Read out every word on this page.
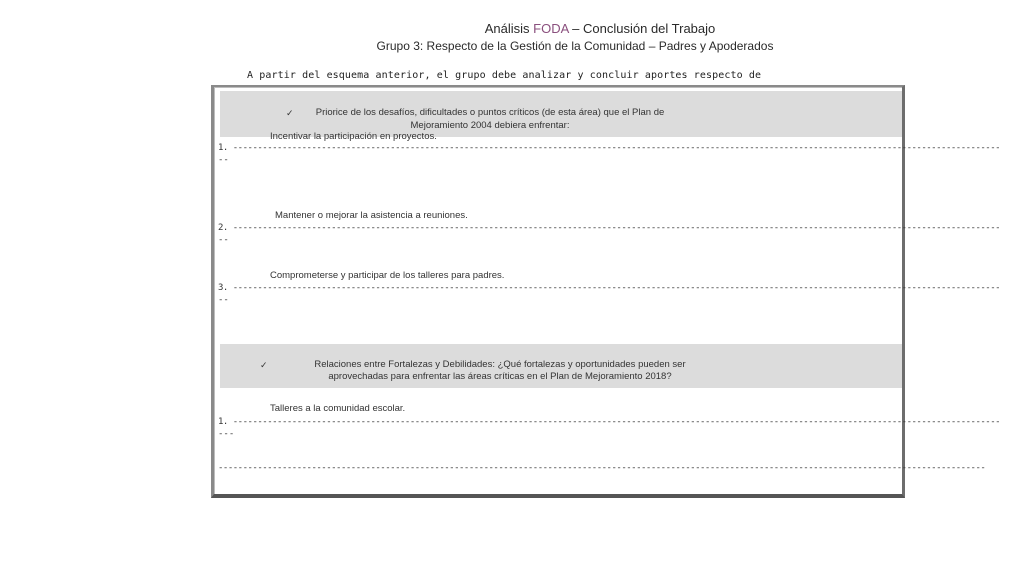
Análisis FODA – Conclusión del Trabajo
Grupo 3: Respecto de la Gestión de la Comunidad – Padres y Apoderados
A partir del esquema anterior, el grupo debe analizar y concluir aportes respecto de
✓	Priorice de los desafíos, dificultades o puntos críticos (de esta área) que el Plan de
Mejoramiento 2004 debiera enfrentar:
Incentivar la participación en proyectos.
1. ------------------------------------------------------------------------------------------------------------------------------------------------------------
--
Mantener o mejorar la asistencia a reuniones.
2. ------------------------------------------------------------------------------------------------------------------------------------------------------------
--
Comprometerse y participar de los talleres para padres.
3. ------------------------------------------------------------------------------------------------------------------------------------------------------------
--
✓	Relaciones entre Fortalezas y Debilidades: ¿Qué fortalezas y oportunidades pueden ser
aprovechadas para enfrentar las áreas críticas en el Plan de Mejoramiento 2018?
Talleres a la comunidad escolar.
1. ------------------------------------------------------------------------------------------------------------------------------------------------------------
---
------------------------------------------------------------------------------------------------------------------------------------------------------------
